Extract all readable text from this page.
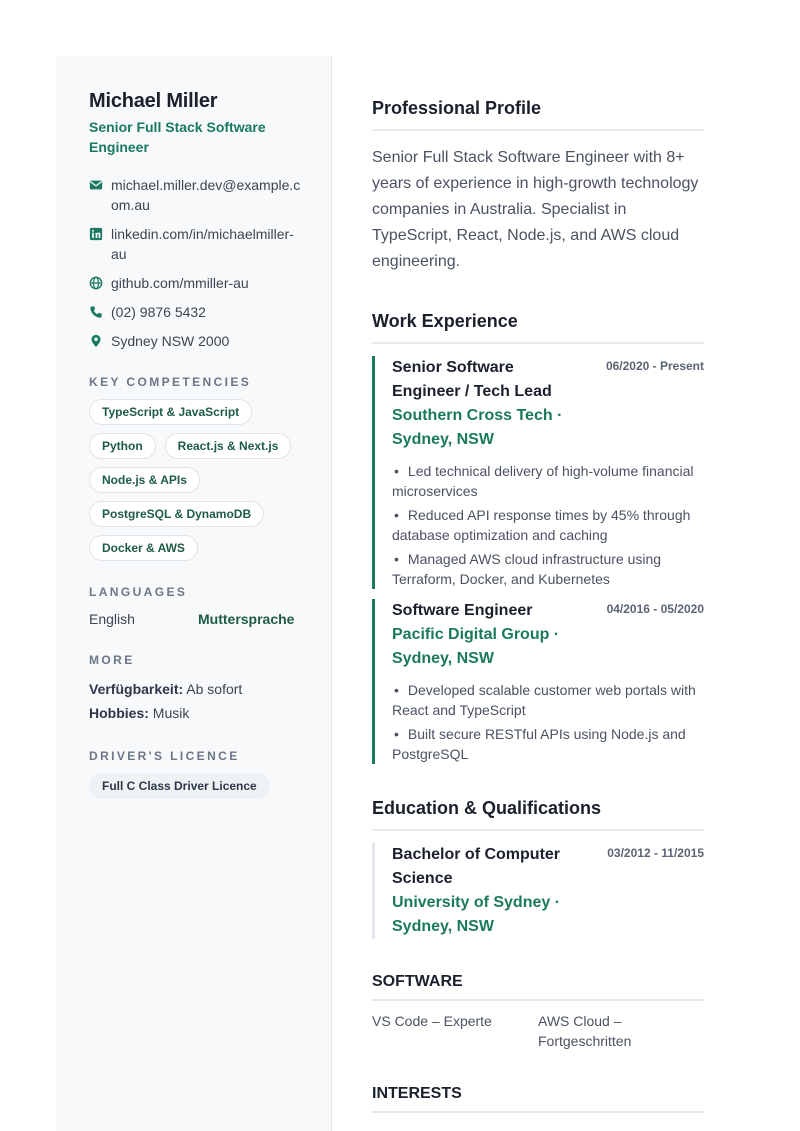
Michael Miller
Senior Full Stack Software Engineer
michael.miller.dev@example.com.au
linkedin.com/in/michaelmiller-au
github.com/mmiller-au
(02) 9876 5432
Sydney NSW 2000
KEY COMPETENCIES
TypeScript & JavaScript
Python	React.js & Next.js
Node.js & APIs
PostgreSQL & DynamoDB
Docker & AWS
LANGUAGES
English	Muttersprache
MORE
Verfügbarkeit: Ab sofort
Hobbies: Musik
DRIVER'S LICENCE
Full C Class Driver Licence
Professional Profile

Senior Full Stack Software Engineer with 8+ years of experience in high-growth technology companies in Australia. Specialist in TypeScript, React, Node.js, and AWS cloud engineering.

Work Experience
Senior Software Engineer / Tech Lead
06/2020 - Present
Southern Cross Tech · Sydney, NSW
• Led technical delivery of high-volume financial microservices
• Reduced API response times by 45% through database optimization and caching
• Managed AWS cloud infrastructure using Terraform, Docker, and Kubernetes
Software Engineer	04/2016 - 05/2020
Pacific Digital Group · Sydney, NSW
• Developed scalable customer web portals with React and TypeScript
• Built secure RESTful APIs using Node.js and PostgreSQL
Education & Qualifications
Bachelor of Computer Science
03/2012 - 11/2015
University of Sydney · Sydney, NSW
SOFTWARE
VS Code – Experte	AWS Cloud – Fortgeschritten
INTERESTS
